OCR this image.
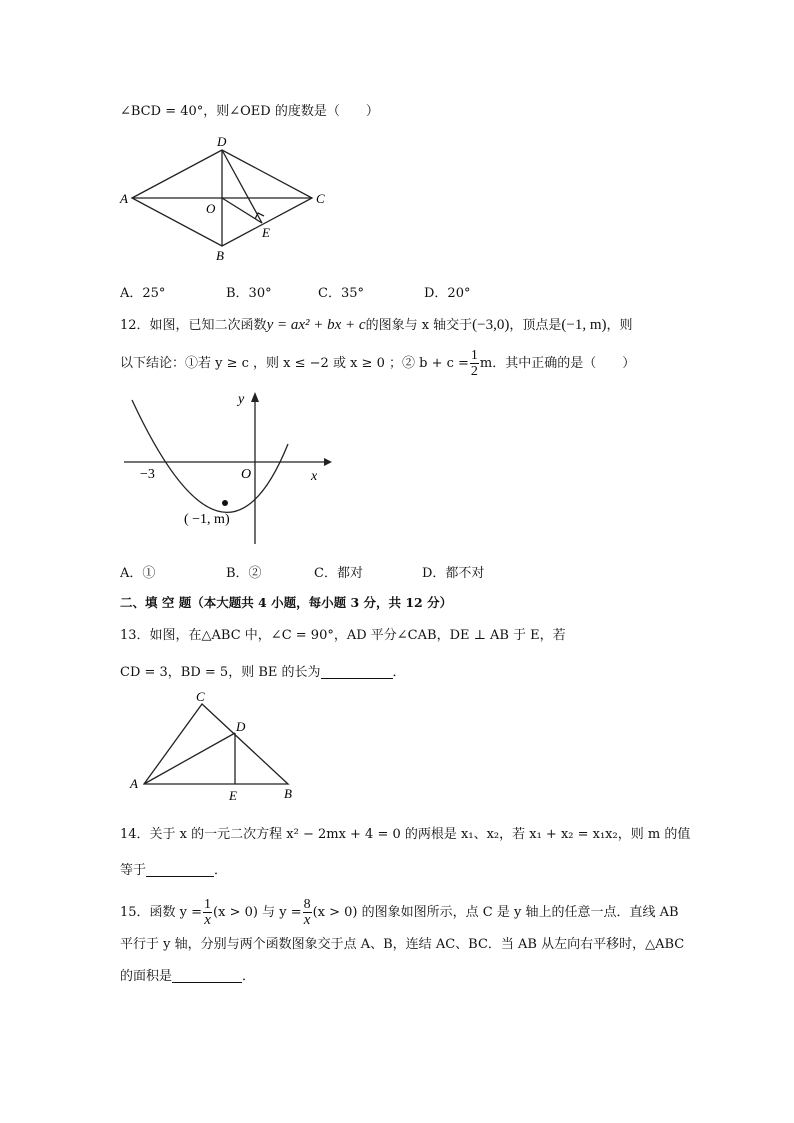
∠BCD = 40°，则∠OED 的度数是（　　）
A
D
C
O
E
B
A．25°	B．30°	C．35°	D．20°
12．如图，已知二次函数y = ax² + bx + c的图象与 x 轴交于(−3,0)，顶点是(−1, m)，则
以下结论：①若 y ≥ c ，则 x ≤ −2 或 x ≥ 0 ；② $b + c = \frac{1}{2}$ m．其中正确的是（　　）
y
x
O
−3
( −1, m)
A．①	B．②	C．都对	D．都不对
二、填 空 题（本大题共 4 小题，每小题 3 分，共 12 分）
13．如图，在△ABC 中，∠C = 90°，AD 平分∠CAB，DE ⊥ AB 于 E，若
CD = 3，BD = 5，则 BE 的长为	．
A
C
D
E	B
14．关于 x 的一元二次方程 x² − 2mx + 4 = 0 的两根是 x₁、x₂，若 x₁ + x₂ = x₁x₂，则 m 的值
等于	．
15．函数 $y = \frac{1}{x} (x > 0)$ 与 $y = \frac{8}{x} (x > 0)$ 的图象如图所示，点 C 是 y 轴上的任意一点．直线 AB
平行于 y 轴，分别与两个函数图象交于点 A、B，连结 AC、BC．当 AB 从左向右平移时，△ABC
的面积是	．
